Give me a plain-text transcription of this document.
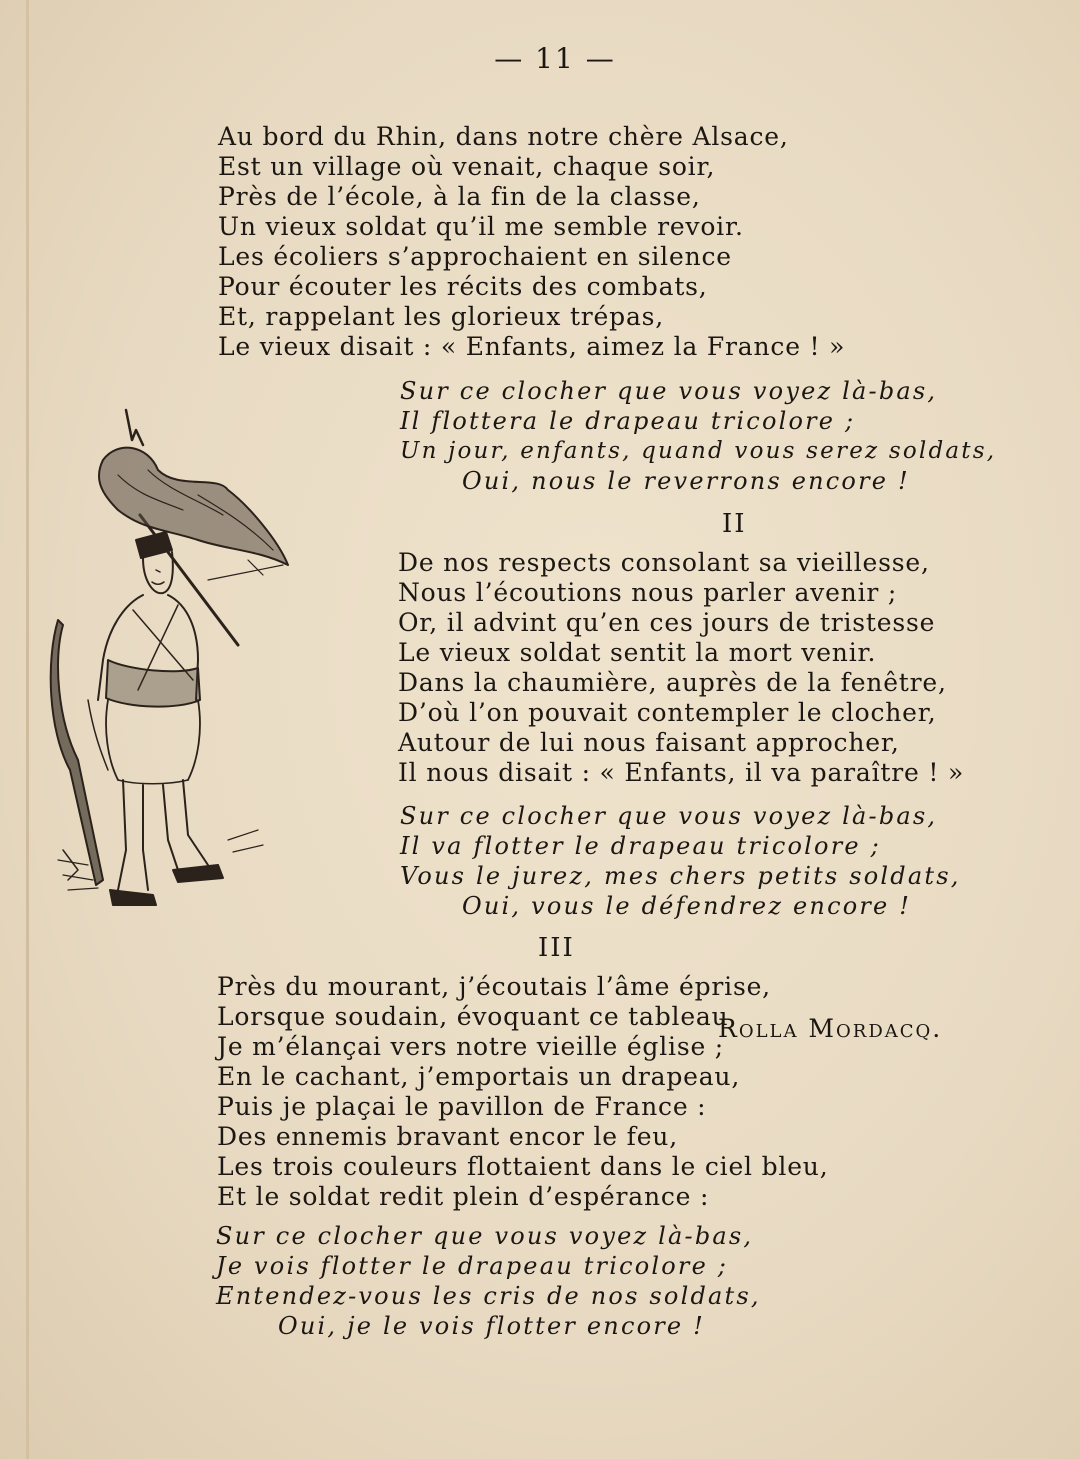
— 11 —
Au bord du Rhin, dans notre chère Alsace,
Est un village où venait, chaque soir,
Près de l’école, à la fin de la classe,
Un vieux soldat qu’il me semble revoir.
Les écoliers s’approchaient en silence
Pour écouter les récits des combats,
Et, rappelant les glorieux trépas,
Le vieux disait : « Enfants, aimez la France ! »
Sur ce clocher que vous voyez là-bas,
Il flottera le drapeau tricolore ;
Un jour, enfants, quand vous serez soldats,
Oui, nous le reverrons encore !
II
De nos respects consolant sa vieillesse,
Nous l’écoutions nous parler avenir ;
Or, il advint qu’en ces jours de tristesse
Le vieux soldat sentit la mort venir.
Dans la chaumière, auprès de la fenêtre,
D’où l’on pouvait contempler le clocher,
Autour de lui nous faisant approcher,
Il nous disait : « Enfants, il va paraître ! »
Sur ce clocher que vous voyez là-bas,
Il va flotter le drapeau tricolore ;
Vous le jurez, mes chers petits soldats,
Oui, vous le défendrez encore !
III
Près du mourant, j’écoutais l’âme éprise,
Lorsque soudain, évoquant ce tableau,
Je m’élançai vers notre vieille église ;
En le cachant, j’emportais un drapeau,
Puis je plaçai le pavillon de France :
Des ennemis bravant encor le feu,
Les trois couleurs flottaient dans le ciel bleu,
Et le soldat redit plein d’espérance :
Sur ce clocher que vous voyez là-bas,
Je vois flotter le drapeau tricolore ;
Entendez-vous les cris de nos soldats,
Oui, je le vois flotter encore !
Rolla Mordacq.
